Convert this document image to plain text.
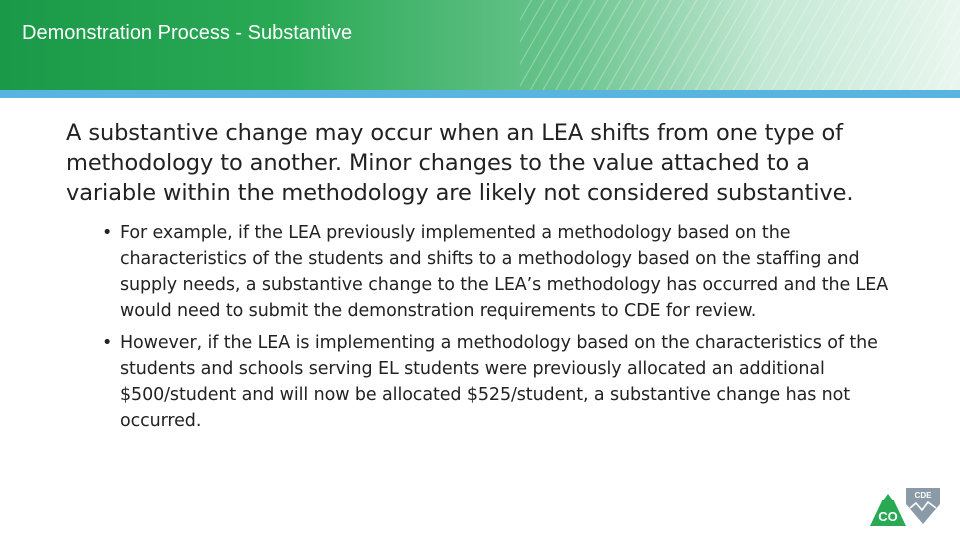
Demonstration Process - Substantive

A substantive change may occur when an LEA shifts from one type of methodology to another. Minor changes to the value attached to a variable within the methodology are likely not considered substantive.

• For example, if the LEA previously implemented a methodology based on the characteristics of the students and shifts to a methodology based on the staffing and supply needs, a substantive change to the LEA’s methodology has occurred and the LEA would need to submit the demonstration requirements to CDE for review.
• However, if the LEA is implementing a methodology based on the characteristics of the students and schools serving EL students were previously allocated an additional $500/student and will now be allocated $525/student, a substantive change has not occurred.
CO
CDE
